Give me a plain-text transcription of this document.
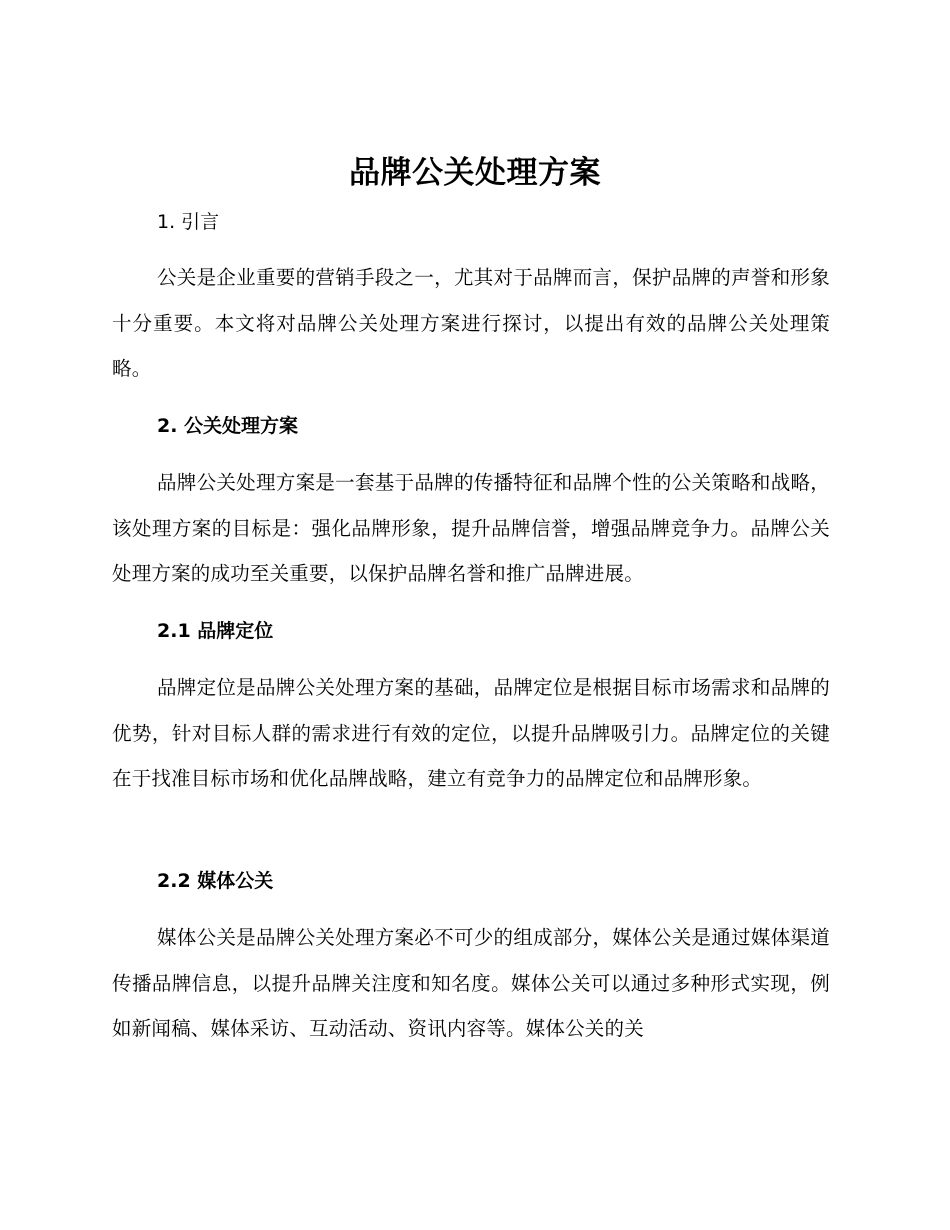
品牌公关处理方案
1. 引言
公关是企业重要的营销手段之一，尤其对于品牌而言，保护品牌的声誉和形象十分重要。本文将对品牌公关处理方案进行探讨，以提出有效的品牌公关处理策略。
2. 公关处理方案
品牌公关处理方案是一套基于品牌的传播特征和品牌个性的公关策略和战略，该处理方案的目标是：强化品牌形象，提升品牌信誉，增强品牌竞争力。品牌公关处理方案的成功至关重要，以保护品牌名誉和推广品牌进展。
2.1 品牌定位
品牌定位是品牌公关处理方案的基础，品牌定位是根据目标市场需求和品牌的优势，针对目标人群的需求进行有效的定位，以提升品牌吸引力。品牌定位的关键在于找准目标市场和优化品牌战略，建立有竞争力的品牌定位和品牌形象。
2.2 媒体公关
媒体公关是品牌公关处理方案必不可少的组成部分，媒体公关是通过媒体渠道传播品牌信息，以提升品牌关注度和知名度。媒体公关可以通过多种形式实现，例如新闻稿、媒体采访、互动活动、资讯内容等。媒体公关的关
